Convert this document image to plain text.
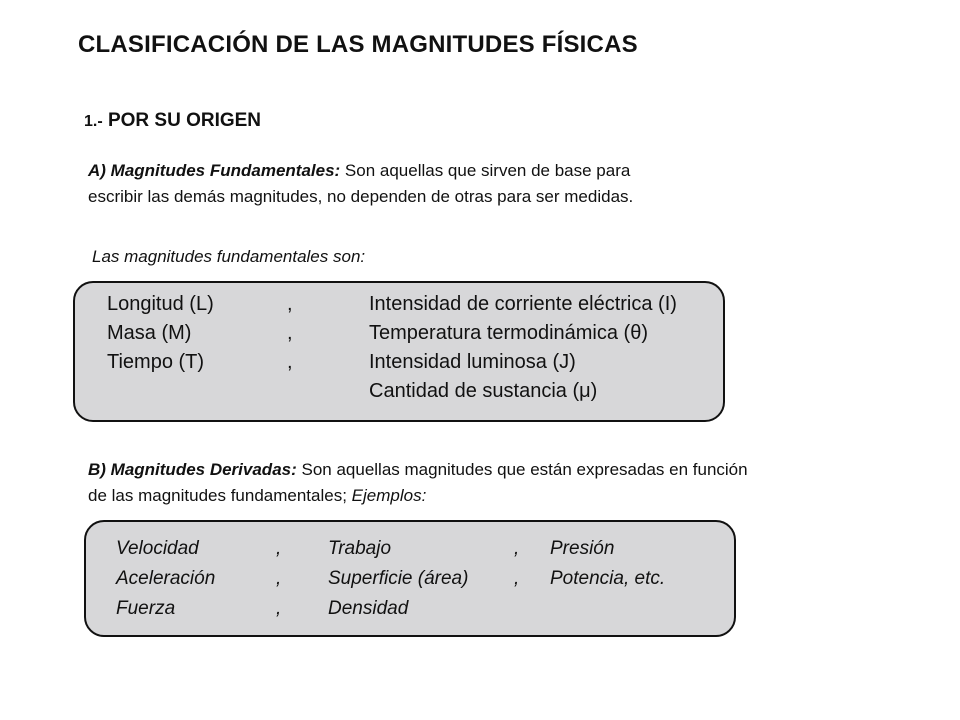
CLASIFICACIÓN DE LAS MAGNITUDES FÍSICAS
1.- POR SU ORIGEN
A) Magnitudes Fundamentales: Son aquellas que sirven de base para
escribir las demás magnitudes, no dependen de otras para ser medidas.
Las magnitudes fundamentales son:
Longitud (L)
Masa (M)
Tiempo (T)
,
,
,
Intensidad de corriente eléctrica (I)
Temperatura termodinámica (θ)
Intensidad luminosa (J)
Cantidad de sustancia (μ)
B) Magnitudes Derivadas: Son aquellas magnitudes que están expresadas en función
de las magnitudes fundamentales; Ejemplos:
Velocidad
Aceleración
Fuerza
,
,
,
Trabajo
Superficie (área)
Densidad
,
,
Presión
Potencia, etc.
